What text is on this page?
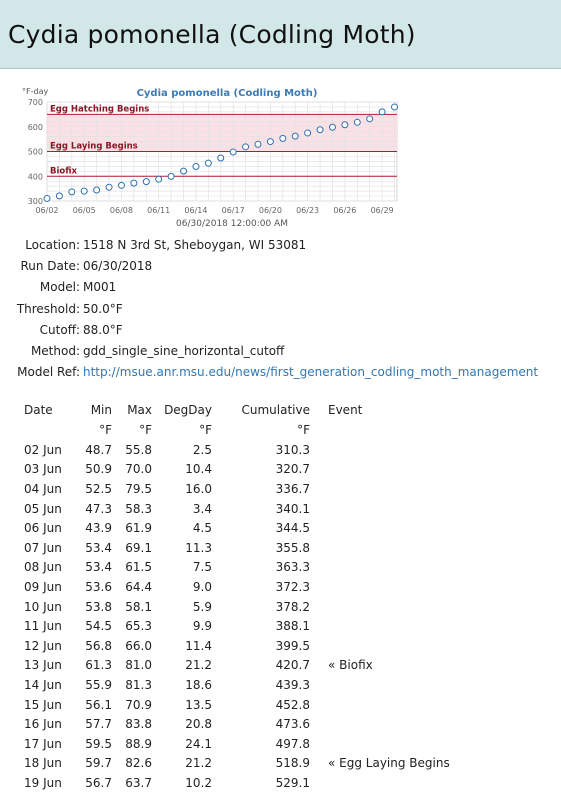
Cydia pomonella (Codling Moth)
300
400
500
600
700
06/02 06/05 06/08 06/11 06/14 06/17 06/20 06/23 06/26 06/29
°F-day	Cydia pomonella (Codling Moth)
06/30/2018 12:00:00 AM
Egg Hatching Begins
Egg Laying Begins
Biofix
Location: 1518 N 3rd St, Sheboygan, WI 53081
Run Date: 06/30/2018
Model: M001
Threshold: 50.0°F
Cutoff: 88.0°F
Method: gdd_single_sine_horizontal_cutoff
Model Ref: http://msue.anr.msu.edu/news/first_generation_codling_moth_management
Date	Min	Max	DegDay	Cumulative	Event
	°F	°F	°F	°F	
02 Jun	48.7	55.8	2.5	310.3	
03 Jun	50.9	70.0	10.4	320.7	
04 Jun	52.5	79.5	16.0	336.7	
05 Jun	47.3	58.3	3.4	340.1	
06 Jun	43.9	61.9	4.5	344.5	
07 Jun	53.4	69.1	11.3	355.8	
08 Jun	53.4	61.5	7.5	363.3	
09 Jun	53.6	64.4	9.0	372.3	
10 Jun	53.8	58.1	5.9	378.2	
11 Jun	54.5	65.3	9.9	388.1	
12 Jun	56.8	66.0	11.4	399.5	
13 Jun	61.3	81.0	21.2	420.7	« Biofix
14 Jun	55.9	81.3	18.6	439.3	
15 Jun	56.1	70.9	13.5	452.8	
16 Jun	57.7	83.8	20.8	473.6	
17 Jun	59.5	88.9	24.1	497.8	
18 Jun	59.7	82.6	21.2	518.9	« Egg Laying Begins
19 Jun	56.7	63.7	10.2	529.1	
